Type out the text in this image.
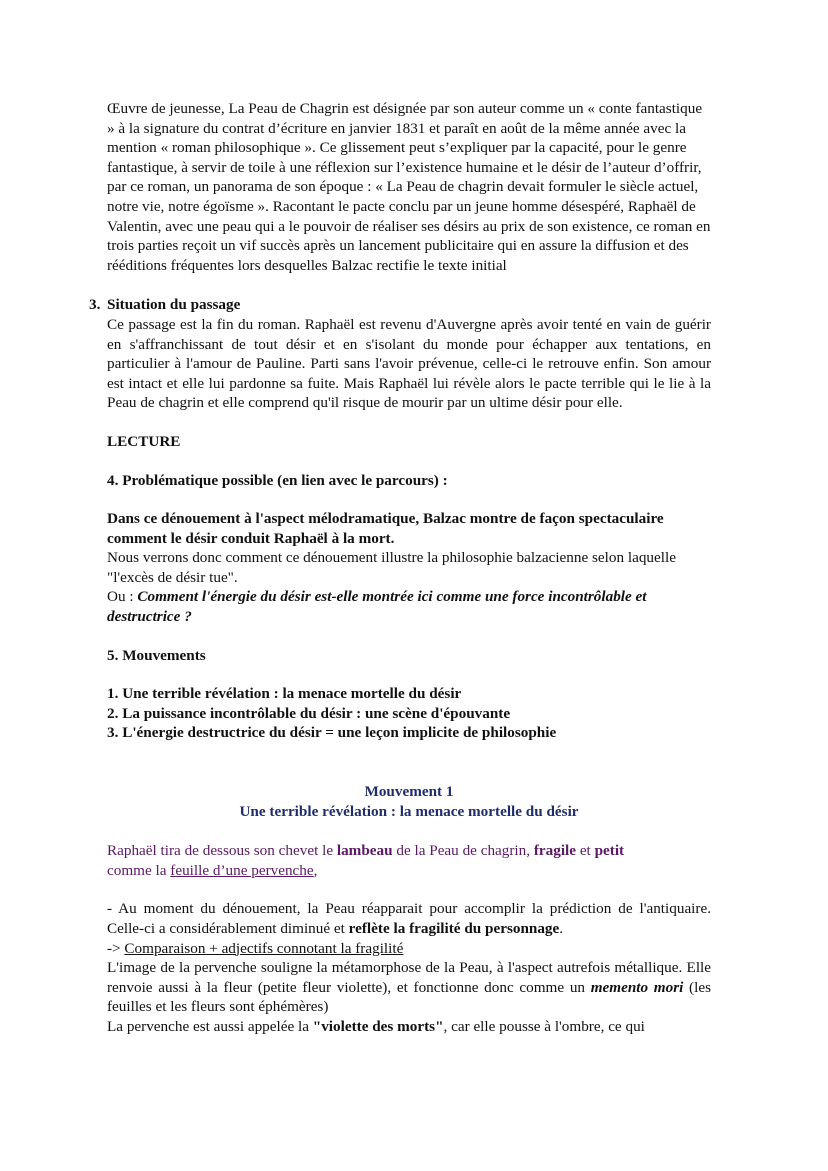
Œuvre de jeunesse, La Peau de Chagrin est désignée par son auteur comme un « conte fantastique » à la signature du contrat d’écriture en janvier 1831 et paraît en août de la même année avec la mention « roman philosophique ». Ce glissement peut s’expliquer par la capacité, pour le genre fantastique, à servir de toile à une réflexion sur l’existence humaine et le désir de l’auteur d’offrir, par ce roman, un panorama de son époque : « La Peau de chagrin devait formuler le siècle actuel, notre vie, notre égoïsme ». Racontant le pacte conclu par un jeune homme désespéré, Raphaël de Valentin, avec une peau qui a le pouvoir de réaliser ses désirs au prix de son existence, ce roman en trois parties reçoit un vif succès après un lancement publicitaire qui en assure la diffusion et des rééditions fréquentes lors desquelles Balzac rectifie le texte initial

3. Situation du passage

Ce passage est la fin du roman. Raphaël est revenu d'Auvergne après avoir tenté en vain de guérir en s'affranchissant de tout désir et en s'isolant du monde pour échapper aux tentations, en particulier à l'amour de Pauline. Parti sans l'avoir prévenue, celle-ci le retrouve enfin. Son amour est intact et elle lui pardonne sa fuite. Mais Raphaël lui révèle alors le pacte terrible qui le lie à la Peau de chagrin et elle comprend qu'il risque de mourir par un ultime désir pour elle.

LECTURE

4. Problématique possible (en lien avec le parcours) :

Dans ce dénouement à l'aspect mélodramatique, Balzac montre de façon spectaculaire comment le désir conduit Raphaël à la mort.

Nous verrons donc comment ce dénouement illustre la philosophie balzacienne selon laquelle "l'excès de désir tue".

Ou : Comment l'énergie du désir est-elle montrée ici comme une force incontrôlable et destructrice ?

5. Mouvements

1. Une terrible révélation : la menace mortelle du désir

2. La puissance incontrôlable du désir : une scène d'épouvante

3. L'énergie destructrice du désir = une leçon implicite de philosophie

Mouvement 1

Une terrible révélation : la menace mortelle du désir

Raphaël tira de dessous son chevet le lambeau de la Peau de chagrin, fragile et petit
comme la feuille d’une pervenche,

- Au moment du dénouement, la Peau réapparait pour accomplir la prédiction de l'antiquaire. Celle-ci a considérablement diminué et reflète la fragilité du personnage.

-> Comparaison + adjectifs connotant la fragilité

L'image de la pervenche souligne la métamorphose de la Peau, à l'aspect autrefois métallique. Elle renvoie aussi à la fleur (petite fleur violette), et fonctionne donc comme un memento mori (les feuilles et les fleurs sont éphémères)

La pervenche est aussi appelée la "violette des morts", car elle pousse à l'ombre, ce qui
